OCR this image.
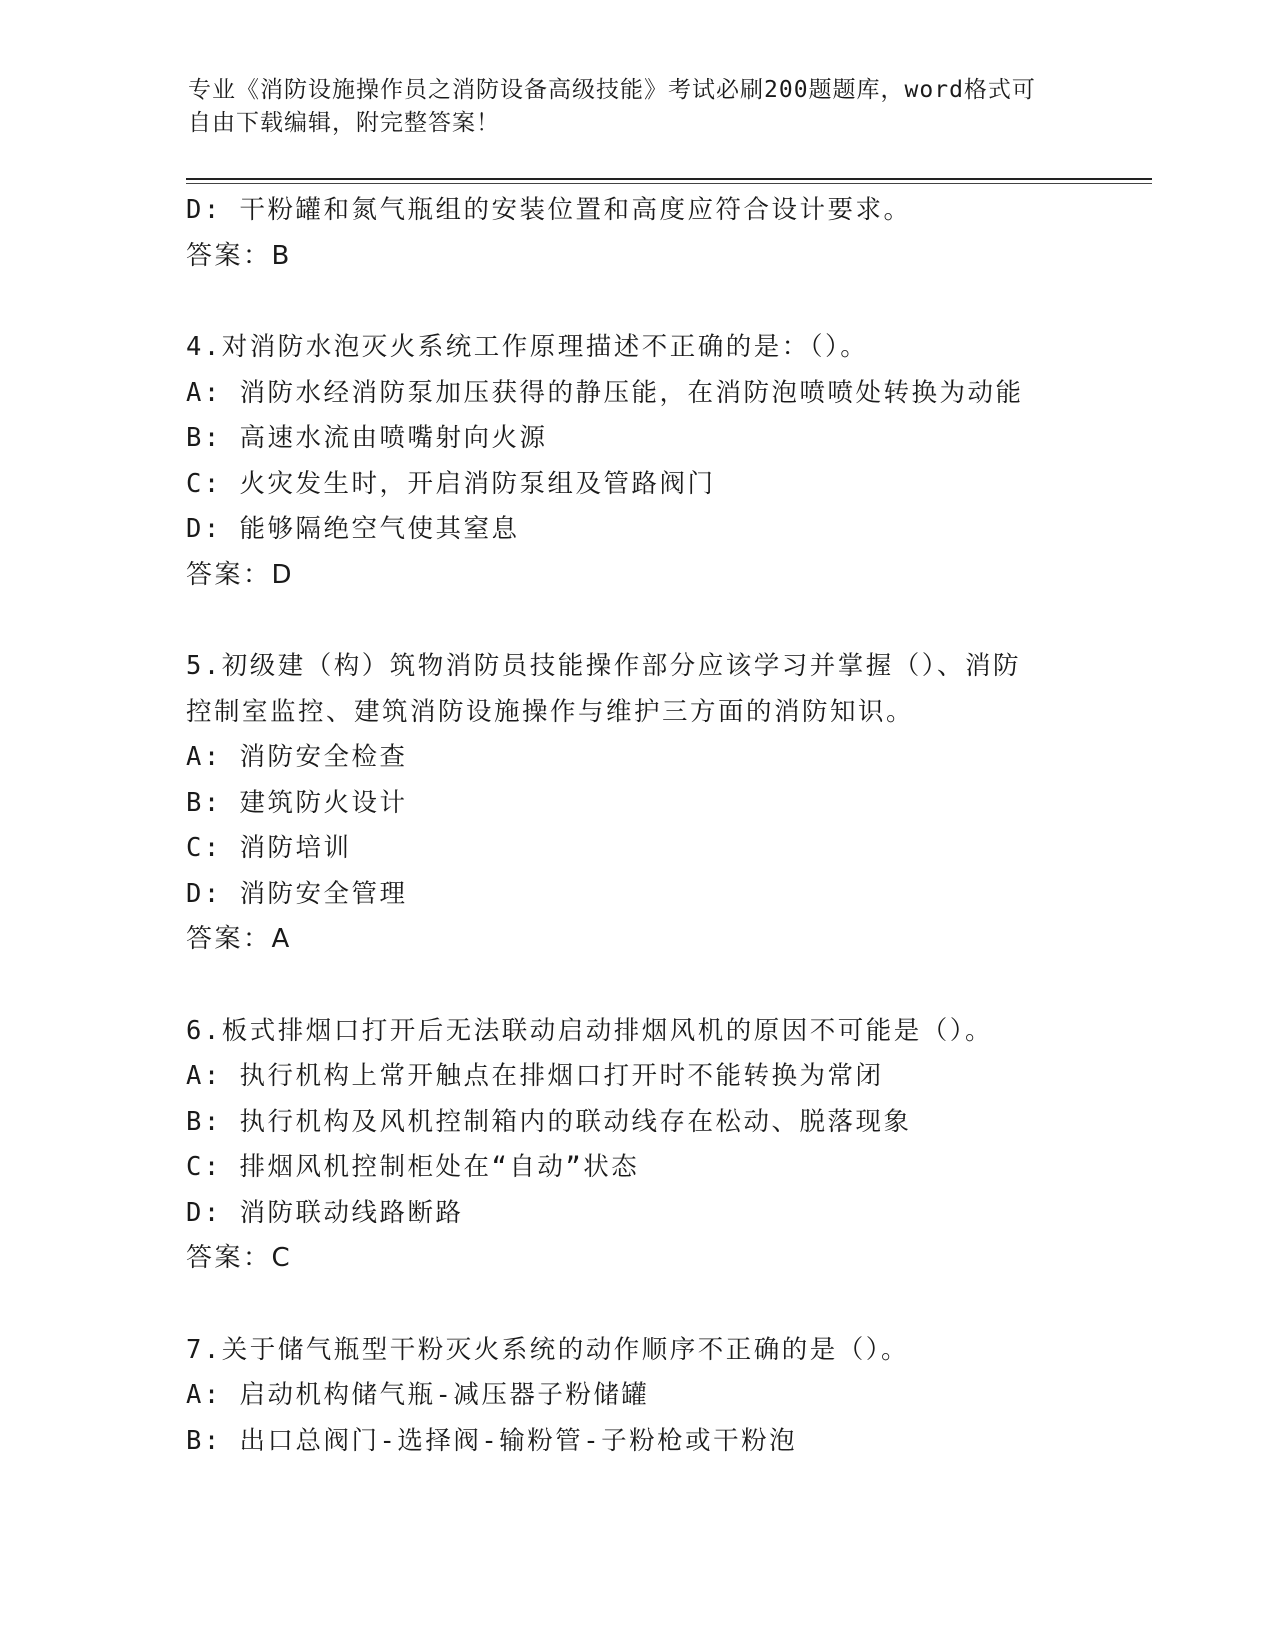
专业《消防设施操作员之消防设备高级技能》考试必刷200题题库，word格式可
自由下载编辑，附完整答案！
D: 干粉罐和氮气瓶组的安装位置和高度应符合设计要求。
答案：B
4.对消防水泡灭火系统工作原理描述不正确的是：（）。
A: 消防水经消防泵加压获得的静压能，在消防泡喷喷处转换为动能
B: 高速水流由喷嘴射向火源
C: 火灾发生时，开启消防泵组及管路阀门
D: 能够隔绝空气使其窒息
答案：D
5.初级建（构）筑物消防员技能操作部分应该学习并掌握（）、消防
控制室监控、建筑消防设施操作与维护三方面的消防知识。
A: 消防安全检查
B: 建筑防火设计
C: 消防培训
D: 消防安全管理
答案：A
6.板式排烟口打开后无法联动启动排烟风机的原因不可能是（）。
A: 执行机构上常开触点在排烟口打开时不能转换为常闭
B: 执行机构及风机控制箱内的联动线存在松动、脱落现象
C: 排烟风机控制柜处在“自动”状态
D: 消防联动线路断路
答案：C
7.关于储气瓶型干粉灭火系统的动作顺序不正确的是（）。
A: 启动机构储气瓶-减压器子粉储罐
B: 出口总阀门-选择阀-输粉管-子粉枪或干粉泡
